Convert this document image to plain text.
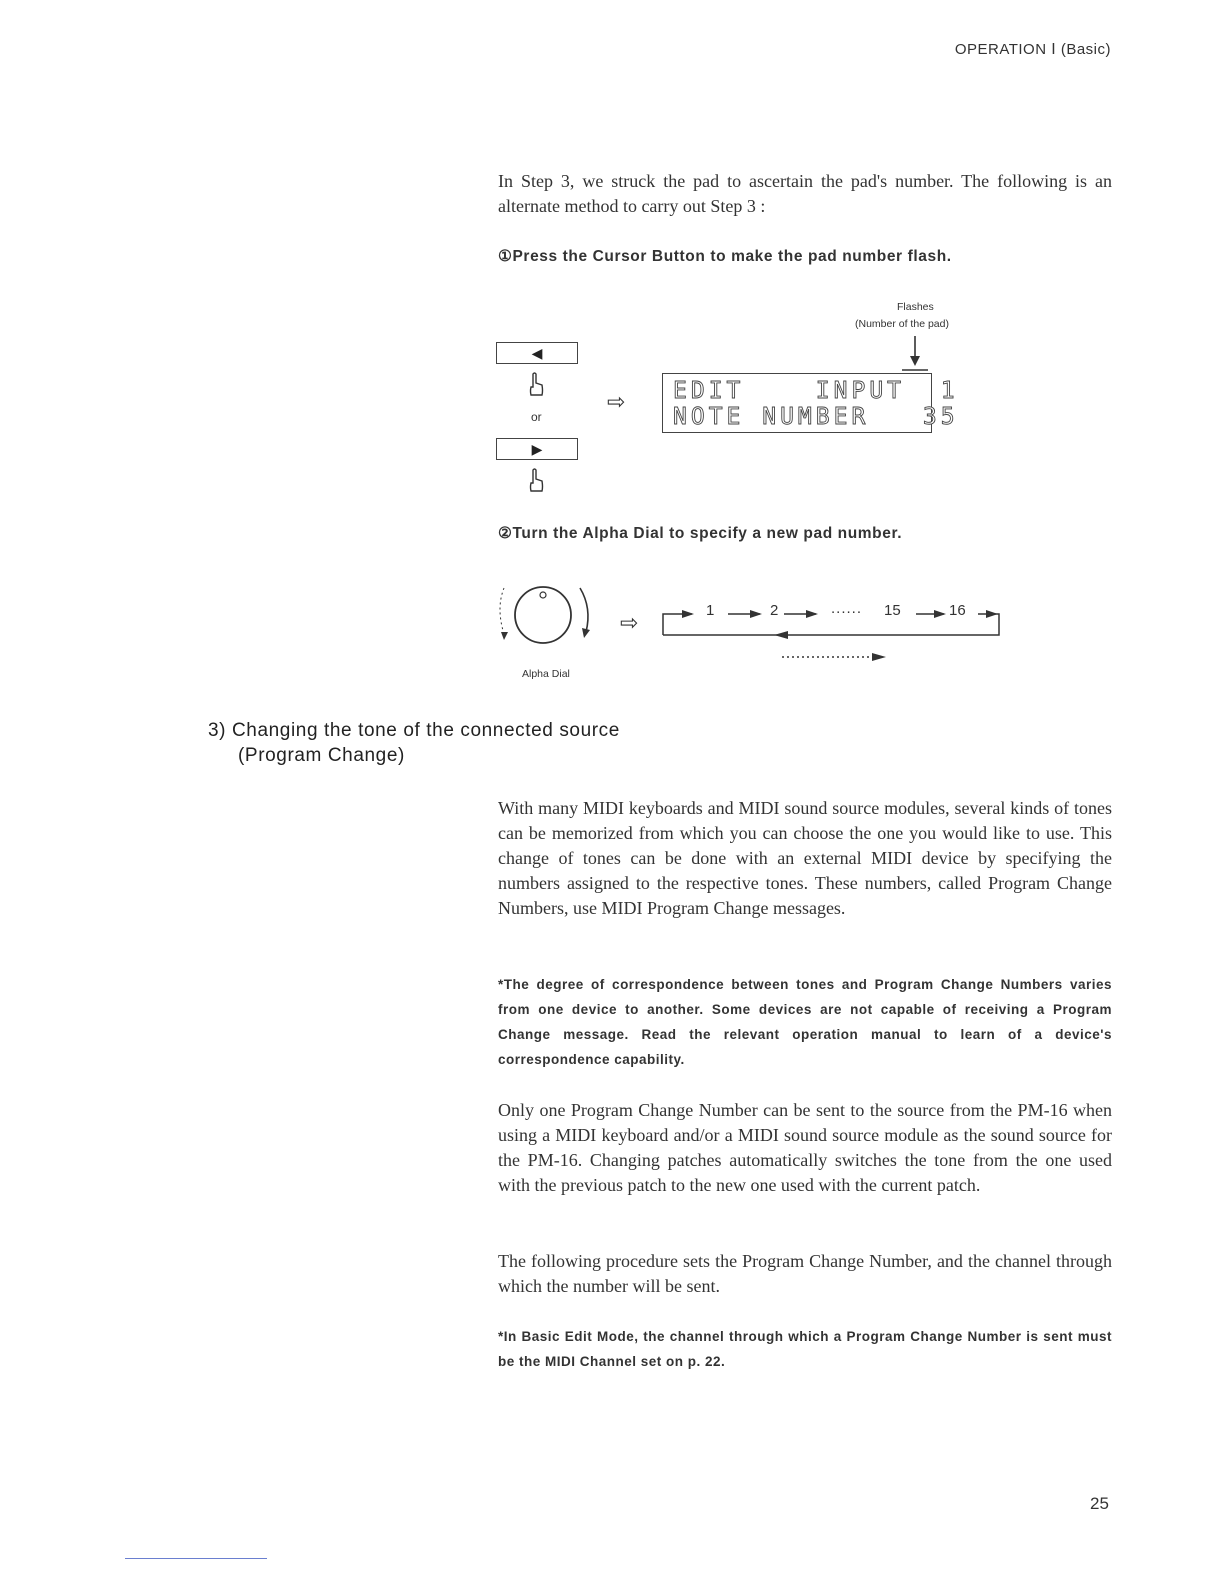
OPERATION Ⅰ (Basic)
In Step 3, we struck the pad to ascertain the pad's number. The following is an alternate method to carry out Step 3 :
①Press the Cursor Button to make the pad number flash.
Flashes
(Number of the pad)
◀
or
▶
⇨ EDIT    INPUT  1
NOTE NUMBER   35
②Turn the Alpha Dial to specify a new pad number.
Alpha Dial
⇨	1	2	...... 15	16
3) Changing the tone of the connected source
(Program Change)
With many MIDI keyboards and MIDI sound source modules, several kinds of tones can be memorized from which you can choose the one you would like to use. This change of tones can be done with an external MIDI device by specifying the numbers assigned to the respective tones. These numbers, called Program Change Numbers, use MIDI Program Change messages.
*The degree of correspondence between tones and Program Change Numbers varies from one device to another. Some devices are not capable of receiving a Program Change message. Read the relevant operation manual to learn of a device's correspondence capability.
Only one Program Change Number can be sent to the source from the PM-16 when using a MIDI keyboard and/or a MIDI sound source module as the sound source for the PM-16. Changing patches automatically switches the tone from the one used with the previous patch to the new one used with the current patch.
The following procedure sets the Program Change Number, and the channel through which the number will be sent.
*In Basic Edit Mode, the channel through which a Program Change Number is sent must be the MIDI Channel set on p. 22.
25
